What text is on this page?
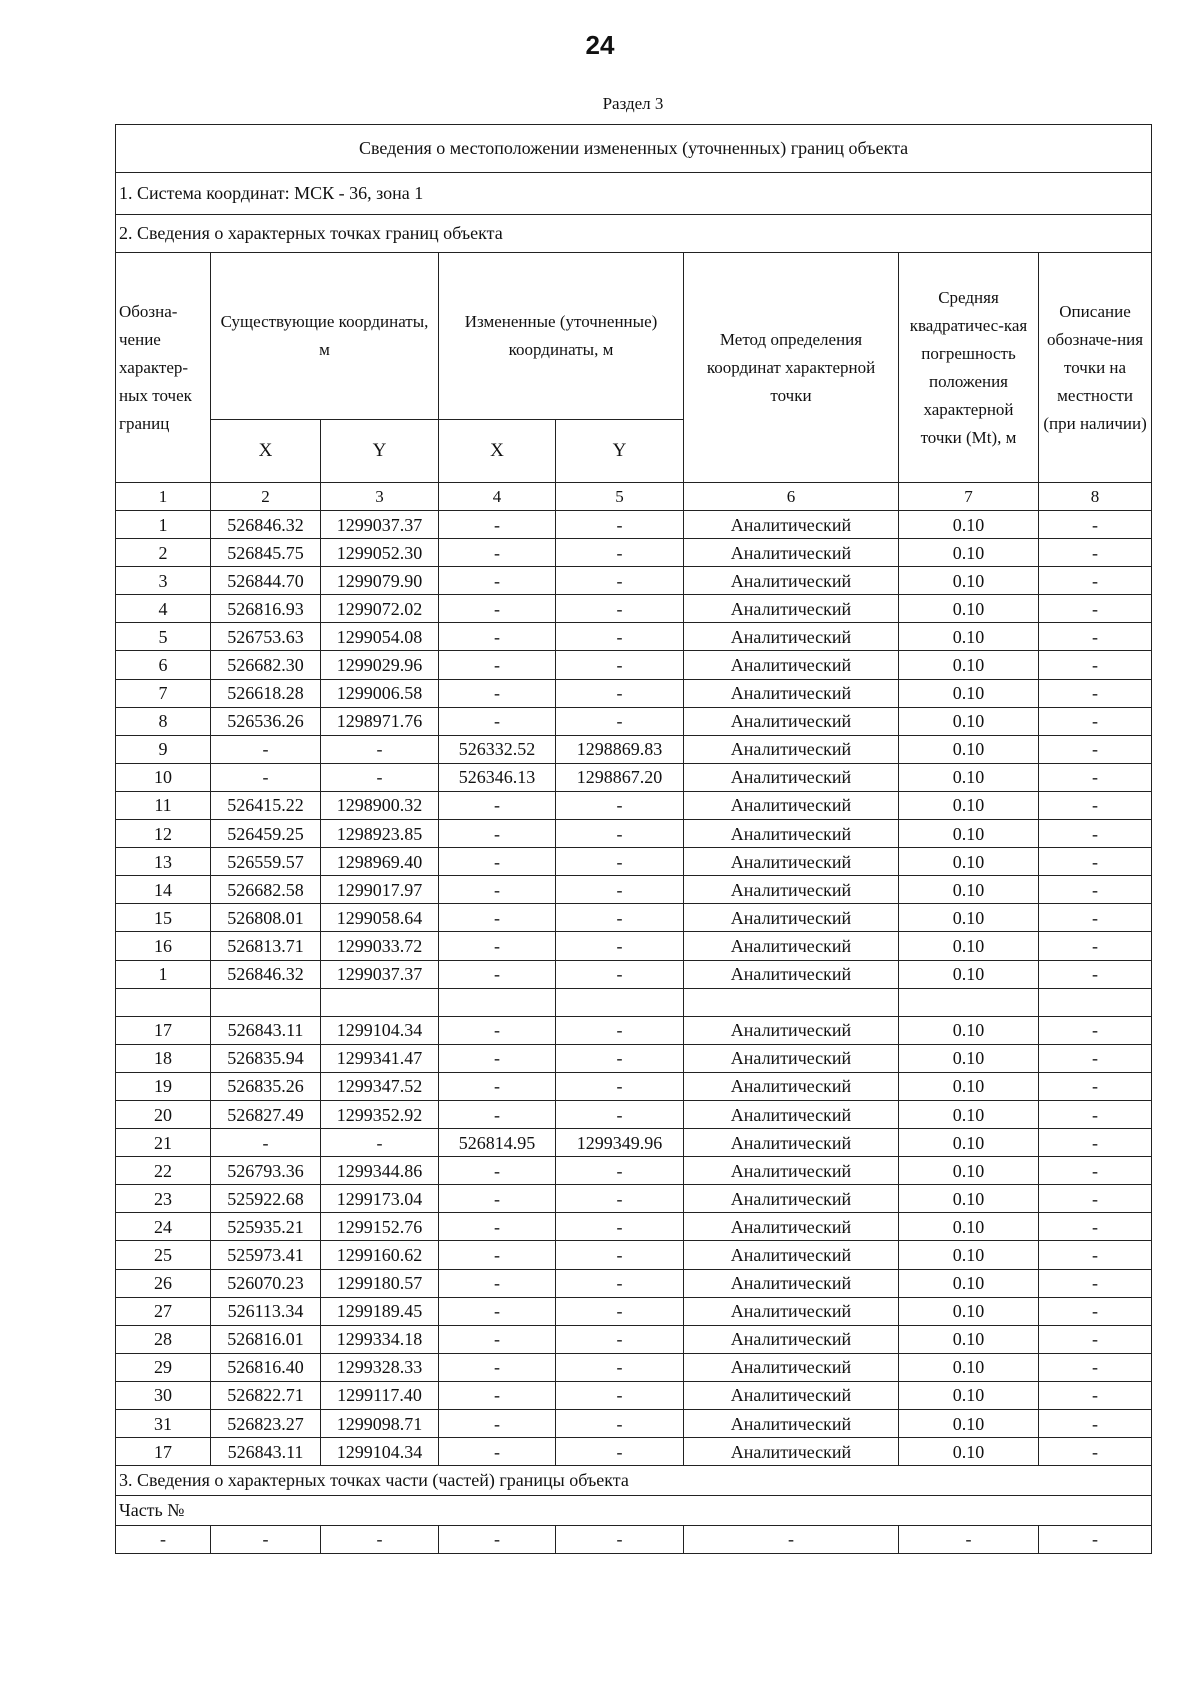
24
Раздел 3
Сведения о местоположении измененных (уточненных) границ объекта							
1. Система координат: МСК - 36, зона 1							
2. Сведения о характерных точках границ объекта							
Обозна-чение характер-ных точек границ	Существующие координаты, м		Измененные (уточненные) координаты, м		Метод определения координат характерной точки	Средняя квадратичес-кая погрешность положения характерной точки (Mt), м	Описание обозначе-ния точки на местности (при наличии)
	X	Y	X	Y			
1	2	3	4	5	6	7	8
1	526846.32	1299037.37	-	-	Аналитический	0.10	-
2	526845.75	1299052.30	-	-	Аналитический	0.10	-
3	526844.70	1299079.90	-	-	Аналитический	0.10	-
4	526816.93	1299072.02	-	-	Аналитический	0.10	-
5	526753.63	1299054.08	-	-	Аналитический	0.10	-
6	526682.30	1299029.96	-	-	Аналитический	0.10	-
7	526618.28	1299006.58	-	-	Аналитический	0.10	-
8	526536.26	1298971.76	-	-	Аналитический	0.10	-
9	-	-	526332.52	1298869.83	Аналитический	0.10	-
10	-	-	526346.13	1298867.20	Аналитический	0.10	-
11	526415.22	1298900.32	-	-	Аналитический	0.10	-
12	526459.25	1298923.85	-	-	Аналитический	0.10	-
13	526559.57	1298969.40	-	-	Аналитический	0.10	-
14	526682.58	1299017.97	-	-	Аналитический	0.10	-
15	526808.01	1299058.64	-	-	Аналитический	0.10	-
16	526813.71	1299033.72	-	-	Аналитический	0.10	-
1	526846.32	1299037.37	-	-	Аналитический	0.10	-

17	526843.11	1299104.34	-	-	Аналитический	0.10	-
18	526835.94	1299341.47	-	-	Аналитический	0.10	-
19	526835.26	1299347.52	-	-	Аналитический	0.10	-
20	526827.49	1299352.92	-	-	Аналитический	0.10	-
21	-	-	526814.95	1299349.96	Аналитический	0.10	-
22	526793.36	1299344.86	-	-	Аналитический	0.10	-
23	525922.68	1299173.04	-	-	Аналитический	0.10	-
24	525935.21	1299152.76	-	-	Аналитический	0.10	-
25	525973.41	1299160.62	-	-	Аналитический	0.10	-
26	526070.23	1299180.57	-	-	Аналитический	0.10	-
27	526113.34	1299189.45	-	-	Аналитический	0.10	-
28	526816.01	1299334.18	-	-	Аналитический	0.10	-
29	526816.40	1299328.33	-	-	Аналитический	0.10	-
30	526822.71	1299117.40	-	-	Аналитический	0.10	-
31	526823.27	1299098.71	-	-	Аналитический	0.10	-
17	526843.11	1299104.34	-	-	Аналитический	0.10	-
3. Сведения о характерных точках части (частей) границы объекта							
Часть №							
-	-	-	-	-	-	-	-
